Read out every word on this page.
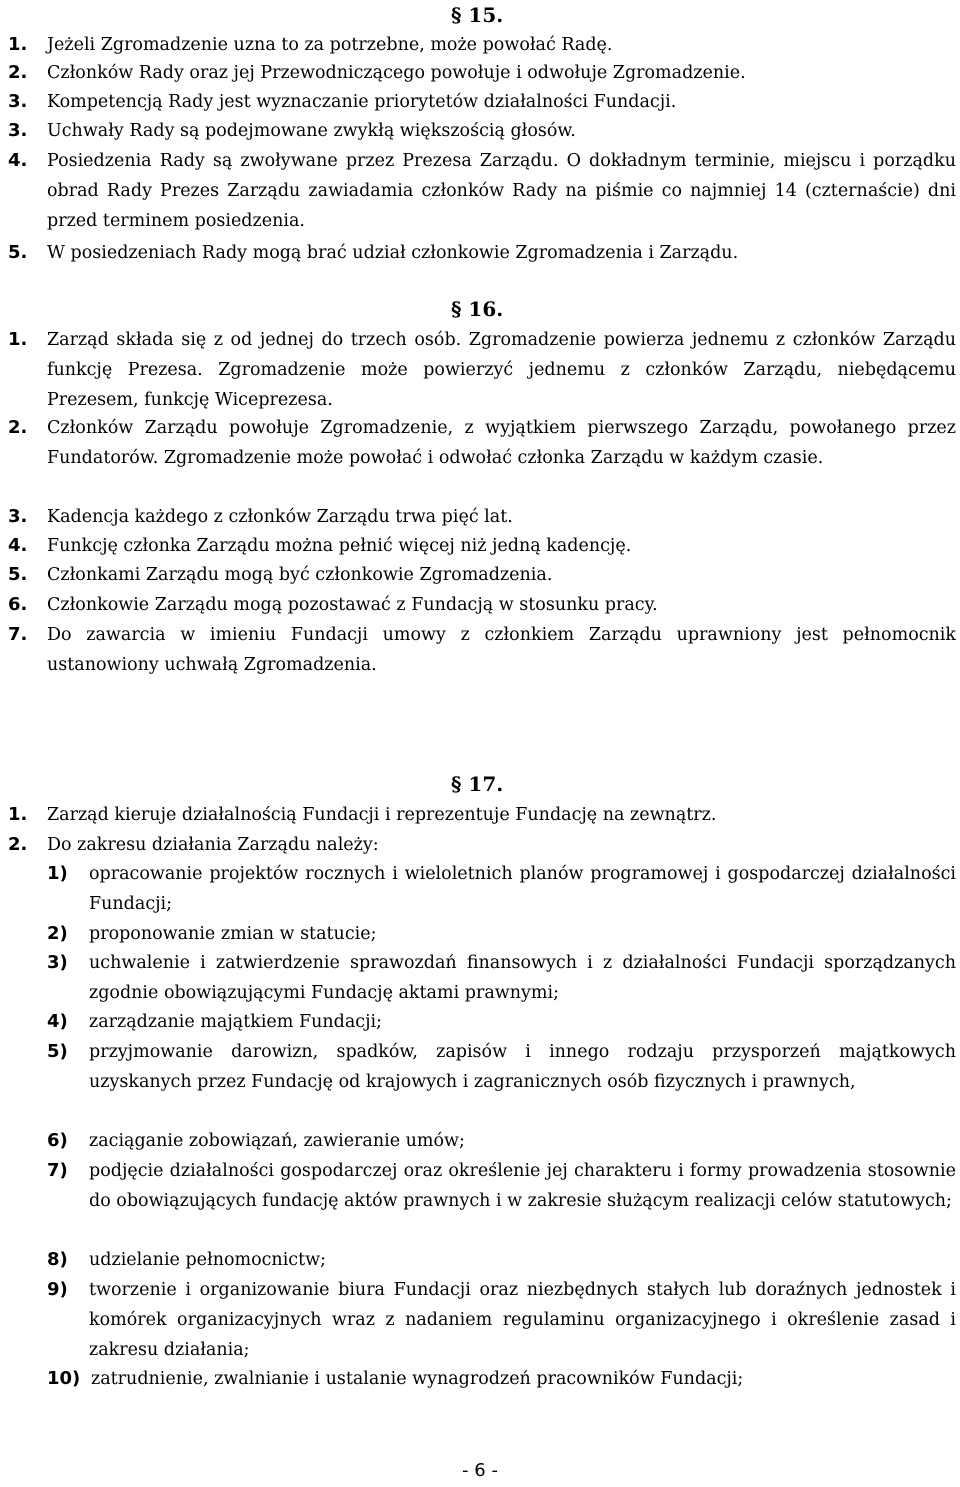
§ 15.
1. Jeżeli Zgromadzenie uzna to za potrzebne, może powołać Radę.
2. Członków Rady oraz jej Przewodniczącego powołuje i odwołuje Zgromadzenie.
3. Kompetencją Rady jest wyznaczanie priorytetów działalności Fundacji.
3. Uchwały Rady są podejmowane zwykłą większością głosów.
4. Posiedzenia Rady są zwoływane przez Prezesa Zarządu. O dokładnym terminie, miejscu i porządku obrad Rady Prezes Zarządu zawiadamia członków Rady na piśmie co najmniej 14 (czternaście) dni przed terminem posiedzenia.
5. W posiedzeniach Rady mogą brać udział członkowie Zgromadzenia i Zarządu.
§ 16.
1. Zarząd składa się z od jednej do trzech osób. Zgromadzenie powierza jednemu z członków Zarządu funkcję Prezesa. Zgromadzenie może powierzyć jednemu z członków Zarządu, niebędącemu Prezesem, funkcję Wiceprezesa.
2. Członków Zarządu powołuje Zgromadzenie, z wyjątkiem pierwszego Zarządu, powołanego przez Fundatorów. Zgromadzenie może powołać i odwołać członka Zarządu w każdym czasie.
3. Kadencja każdego z członków Zarządu trwa pięć lat.
4. Funkcję członka Zarządu można pełnić więcej niż jedną kadencję.
5. Członkami Zarządu mogą być członkowie Zgromadzenia.
6. Członkowie Zarządu mogą pozostawać z Fundacją w stosunku pracy.
7. Do zawarcia w imieniu Fundacji umowy z członkiem Zarządu uprawniony jest pełnomocnik ustanowiony uchwałą Zgromadzenia.
§ 17.
1. Zarząd kieruje działalnością Fundacji i reprezentuje Fundację na zewnątrz.
2. Do zakresu działania Zarządu należy:
1) opracowanie projektów rocznych i wieloletnich planów programowej i gospodarczej działalności Fundacji;
2) proponowanie zmian w statucie;
3) uchwalenie i zatwierdzenie sprawozdań finansowych i z działalności Fundacji sporządzanych zgodnie obowiązującymi Fundację aktami prawnymi;
4) zarządzanie majątkiem Fundacji;
5) przyjmowanie darowizn, spadków, zapisów i innego rodzaju przysporzeń majątkowych uzyskanych przez Fundację od krajowych i zagranicznych osób fizycznych i prawnych,
6) zaciąganie zobowiązań, zawieranie umów;
7) podjęcie działalności gospodarczej oraz określenie jej charakteru i formy prowadzenia stosownie do obowiązujących fundację aktów prawnych i w zakresie służącym realizacji celów statutowych;
8) udzielanie pełnomocnictw;
9) tworzenie i organizowanie biura Fundacji oraz niezbędnych stałych lub doraźnych jednostek i komórek organizacyjnych wraz z nadaniem regulaminu organizacyjnego i określenie zasad i zakresu działania;
10) zatrudnienie, zwalnianie i ustalanie wynagrodzeń pracowników Fundacji;
- 6 -
